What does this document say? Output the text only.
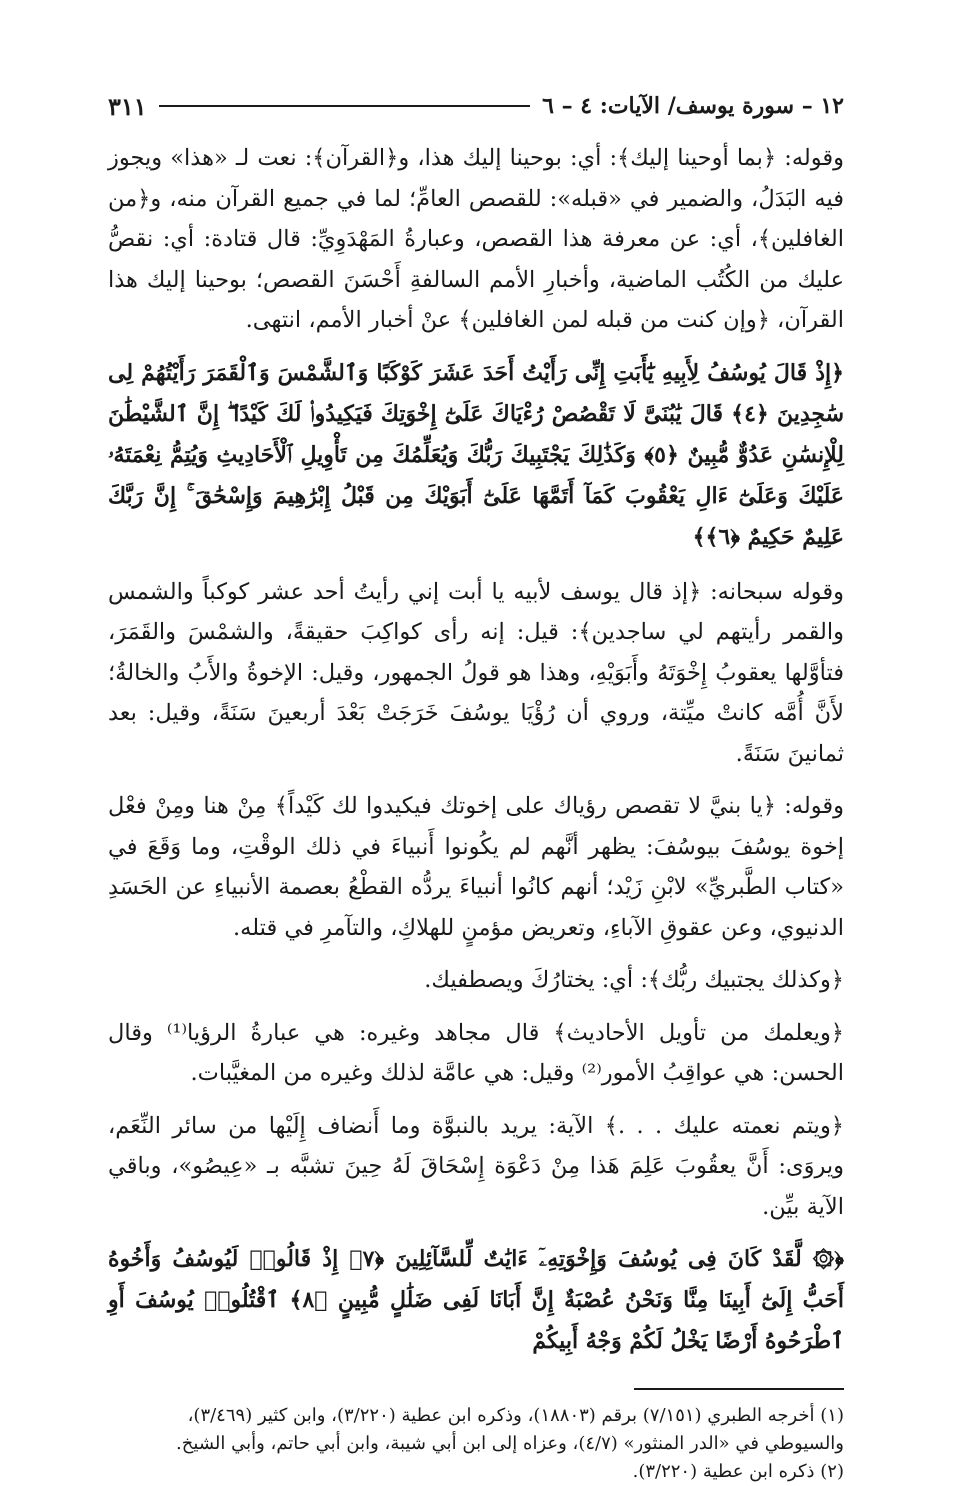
١٢ – سورة يوسف/ الآيات: ٤ – ٦
٣١١

وقوله: ﴿بما أوحينا إليك﴾: أي: بوحينا إليك هذا، و﴿القرآن﴾: نعت لـ «هذا» ويجوز فيه البَدَلُ، والضمير في «قبله»: للقصص العامِّ؛ لما في جميع القرآن منه، و﴿من الغافلين﴾، أي: عن معرفة هذا القصص، وعبارةُ المَهْدَوِيِّ: قال قتادة: أي: نقصُّ عليك من الكُتُب الماضية، وأخبارِ الأمم السالفةِ أَحْسَنَ القصص؛ بوحينا إليك هذا القرآن، ﴿وإن كنت من قبله لمن الغافلين﴾ عنْ أخبار الأمم، انتهى.

﴿إِذْ قَالَ يُوسُفُ لِأَبِيهِ يَٰٓأَبَتِ إِنِّى رَأَيْتُ أَحَدَ عَشَرَ كَوْكَبًا وَٱلشَّمْسَ وَٱلْقَمَرَ رَأَيْتُهُمْ لِى سَٰجِدِينَ ﴿٤﴾ قَالَ يَٰبُنَىَّ لَا تَقْصُصْ رُءْيَاكَ عَلَىٰٓ إِخْوَتِكَ فَيَكِيدُوا۟ لَكَ كَيْدًا ۖ إِنَّ ٱلشَّيْطَٰنَ لِلْإِنسَٰنِ عَدُوٌّ مُّبِينٌ ﴿٥﴾ وَكَذَٰلِكَ يَجْتَبِيكَ رَبُّكَ وَيُعَلِّمُكَ مِن تَأْوِيلِ ٱلْأَحَادِيثِ وَيُتِمُّ نِعْمَتَهُۥ عَلَيْكَ وَعَلَىٰٓ ءَالِ يَعْقُوبَ كَمَآ أَتَمَّهَا عَلَىٰٓ أَبَوَيْكَ مِن قَبْلُ إِبْرَٰهِيمَ وَإِسْحَٰقَ ۚ إِنَّ رَبَّكَ عَلِيمٌ حَكِيمٌ ﴿٦﴾﴾

وقوله سبحانه: ﴿إذ قال يوسف لأبيه يا أبت إني رأيتُ أحد عشر كوكباً والشمس والقمر رأيتهم لي ساجدين﴾: قيل: إنه رأى كواكِبَ حقيقةً، والشمْسَ والقَمَرَ، فتأوَّلها يعقوبُ إِخْوَتَهُ وأَبَوَيْهِ، وهذا هو قولُ الجمهور، وقيل: الإخوةُ والأَبُ والخالةُ؛ لأَنَّ أُمَّه كانتْ ميِّتة، وروي أن رُؤْيَا يوسُفَ خَرَجَتْ بَعْدَ أربعينَ سَنَةً، وقيل: بعد ثمانينَ سَنَةً.

وقوله: ﴿يا بنيَّ لا تقصص رؤياك على إخوتك فيكيدوا لك كَيْداً﴾ مِنْ هنا ومِنْ فعْل إخوة يوسُفَ بيوسُفَ: يظهر أنَّهم لم يكُونوا أَنبياءَ في ذلك الوقْتِ، وما وَقَعَ في «كتاب الطَّبريِّ» لابْنِ زَيْد؛ أنهم كانُوا أنبياءَ يردُّه القطْعُ بعصمة الأنبياءِ عن الحَسَدِ الدنيوي، وعن عقوقِ الآباءِ، وتعريض مؤمنٍ للهلاكِ، والتآمرِ في قتله.

﴿وكذلك يجتبيك ربُّك﴾: أي: يختارُكَ ويصطفيك.

﴿ويعلمك من تأويل الأحاديث﴾ قال مجاهد وغيره: هي عبارةُ الرؤيا⁽¹⁾ وقال الحسن: هي عواقِبُ الأمور⁽²⁾ وقيل: هي عامَّة لذلك وغيره من المغيَّبات.

﴿ويتم نعمته عليك . . .﴾ الآية: يريد بالنبوَّة وما أَنضاف إِلَيْها من سائر النِّعَم، ويروَى: أَنَّ يعقُوبَ عَلِمَ هَذا مِنْ دَعْوَة إِسْحَاقَ لَهُ حِينَ تشبَّه بـ «عِيصُو»، وباقي الآية بيِّن.

﴿۞ لَّقَدْ كَانَ فِى يُوسُفَ وَإِخْوَتِهِۦٓ ءَايَٰتٌ لِّلسَّآئِلِينَ ﴿٧﴾ إِذْ قَالُوا۟ لَيُوسُفُ وَأَخُوهُ أَحَبُّ إِلَىٰٓ أَبِينَا مِنَّا وَنَحْنُ عُصْبَةٌ إِنَّ أَبَانَا لَفِى ضَلَٰلٍ مُّبِينٍ ﴿٨﴾ ٱقْتُلُوا۟ يُوسُفَ أَوِ ٱطْرَحُوهُ أَرْضًا يَخْلُ لَكُمْ وَجْهُ أَبِيكُمْ

(١) أخرجه الطبري (٧/١٥١) برقم (١٨٨٠٣)، وذكره ابن عطية (٣/٢٢٠)، وابن كثير (٣/٤٦٩)، والسيوطي في «الدر المنثور» (٤/٧)، وعزاه إلى ابن أبي شيبة، وابن أبي حاتم، وأبي الشيخ.

(٢) ذكره ابن عطية (٣/٢٢٠).
